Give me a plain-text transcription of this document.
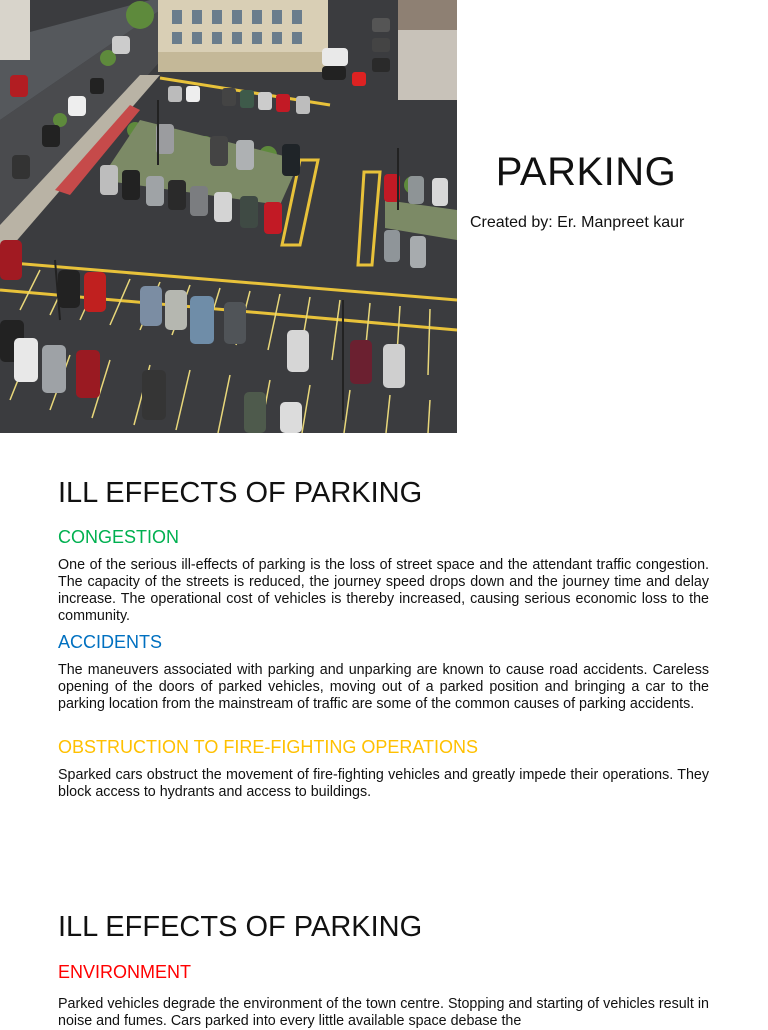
PARKING
Created by: Er. Manpreet kaur
ILL EFFECTS OF PARKING
CONGESTION
One of the serious ill-effects of parking is the loss of street space and the attendant traffic congestion. The capacity of the streets is reduced, the journey speed drops down and the journey time and delay increase. The operational cost of vehicles is thereby increased, causing serious economic loss to the community.
ACCIDENTS
The maneuvers associated with parking and unparking are known to cause road accidents. Careless opening of the doors of parked vehicles, moving out of a parked position and bringing a car to the parking location from the mainstream of traffic are some of the common causes of parking accidents.
OBSTRUCTION TO FIRE-FIGHTING OPERATIONS
Sparked cars obstruct the movement of fire-fighting vehicles and greatly impede their operations. They block access to hydrants and access to buildings.
ILL EFFECTS OF PARKING
ENVIRONMENT
Parked vehicles degrade the environment of the town centre. Stopping and starting of vehicles result in noise and fumes. Cars parked into every little available space debase the
